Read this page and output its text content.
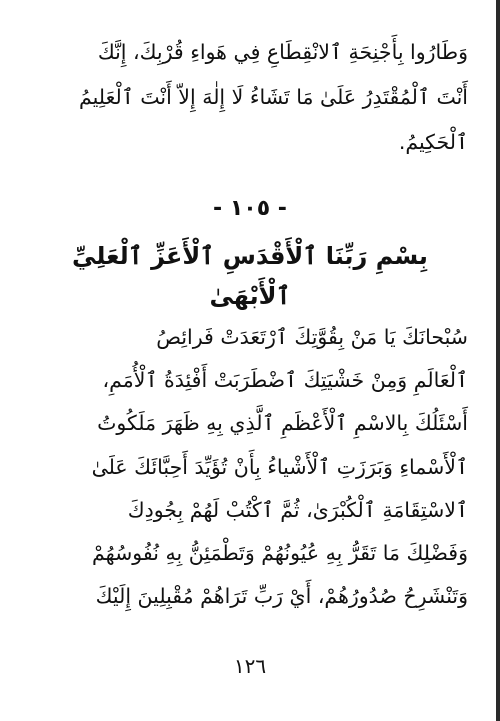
وَطَارُوا بِأَجْنِحَةِ ٱلانْقِطَاعِ فِي هَواءِ قُرْبِكَ، إِنَّكَ
أَنْتَ ٱلْمُقْتَدِرُ عَلَىٰ مَا تَشَاءُ لَا إِلٰهَ إِلاّ أَنْتَ ٱلْعَلِيمُ
ٱلْحَكِيمُ.
- ١٠٥ -
بِسْمِ رَبِّنَا ٱلْأَقْدَسِ ٱلْأَعَزِّ ٱلْعَلِيِّ ٱلْأَبْهَىٰ
سُبْحانَكَ يَا مَنْ بِقُوَّتِكَ ٱرْتَعَدَتْ فَرائِصُ
ٱلْعَالَمِ وَمِنْ خَشْيَتِكَ ٱضْطَرَبَتْ أَفْئِدَةُ ٱلْأُمَمِ،
أَسْئَلُكَ بِالاسْمِ ٱلْأَعْظَمِ ٱلَّذِي بِهِ ظَهَرَ مَلَكُوتُ
ٱلْأَسْماءِ وَبَرَزَتِ ٱلْأَشْياءُ بِأَنْ تُؤَيِّدَ أَحِبَّائَكَ عَلَىٰ
ٱلاسْتِقَامَةِ ٱلْكُبْرَىٰ، ثُمَّ ٱكْتُبْ لَهُمْ بِجُودِكَ
وَفَضْلِكَ مَا تَقَرُّ بِهِ عُيُونُهُمْ وَتَطْمَئِنُّ بِهِ نُفُوسُهُمْ
وَتَنْشَرِحُ صُدُورُهُمْ، أَيْ رَبِّ تَرَاهُمْ مُقْبِلِينَ إِلَيْكَ
١٢٦
